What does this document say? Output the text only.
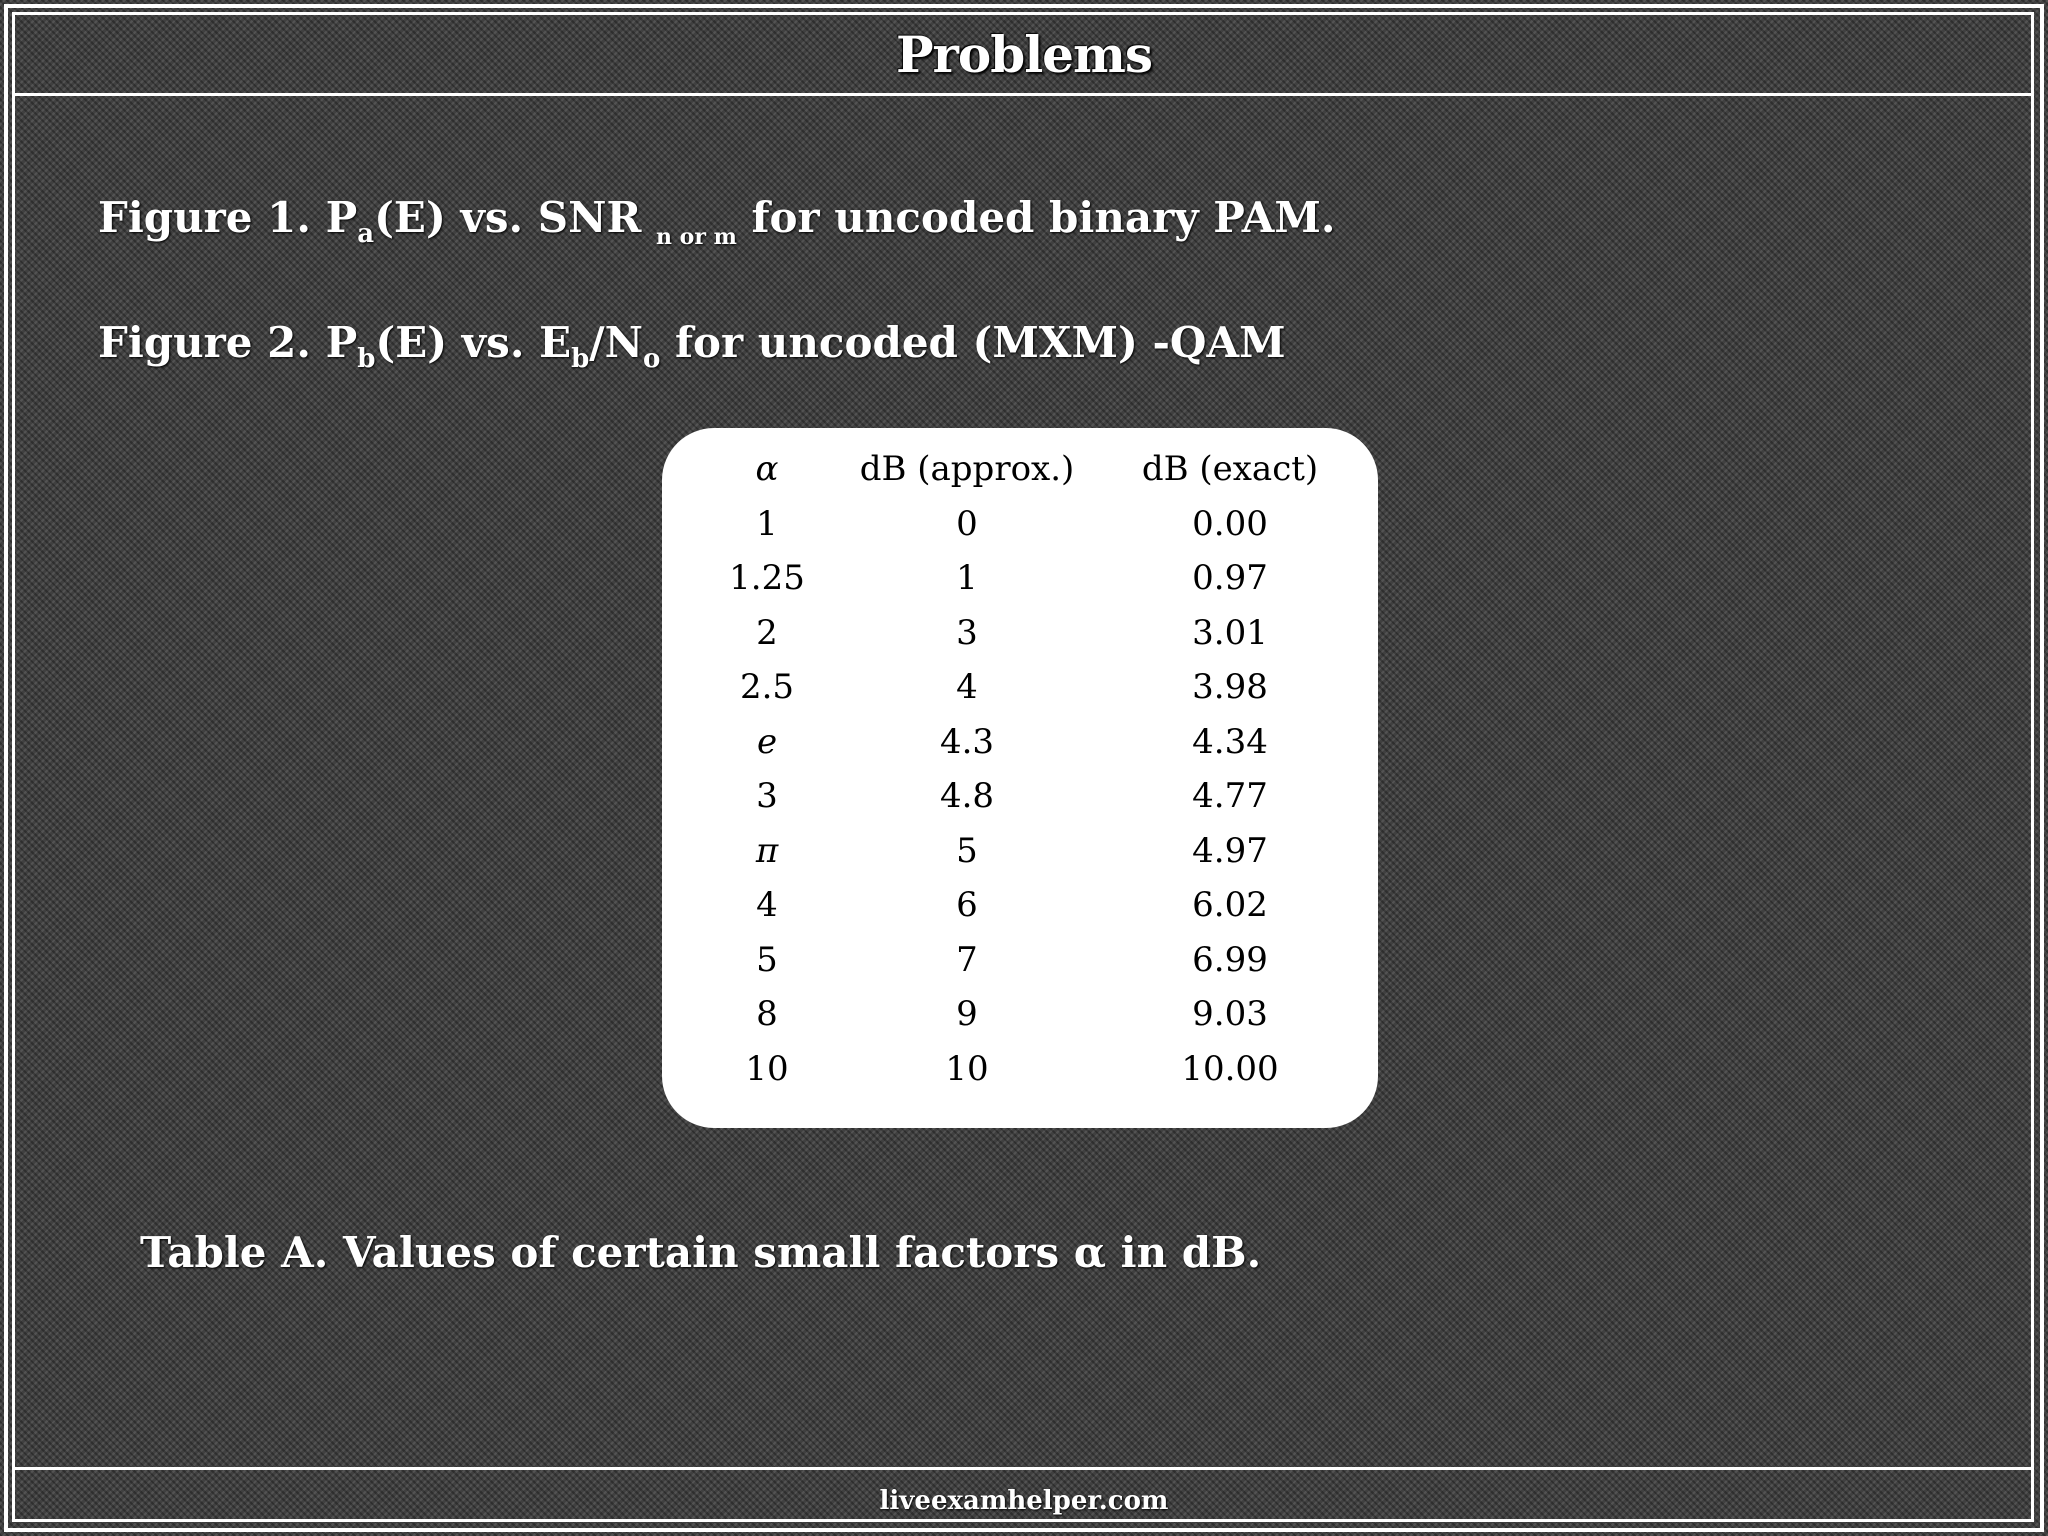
Problems
Figure 1. $P_a(E)$ vs. SNR $_{n or m}$ for uncoded binary PAM.
Figure 2. $P_b(E)$ vs. $E_b/N_o$ for uncoded (MXM) -QAM
α	dB (approx.)	dB (exact)
1	0	0.00
1.25	1	0.97
2	3	3.01
2.5	4	3.98
e	4.3	4.34
3	4.8	4.77
π	5	4.97
4	6	6.02
5	7	6.99
8	9	9.03
10	10	10.00
Table A. Values of certain small factors α in dB.
liveexamhelper.com
